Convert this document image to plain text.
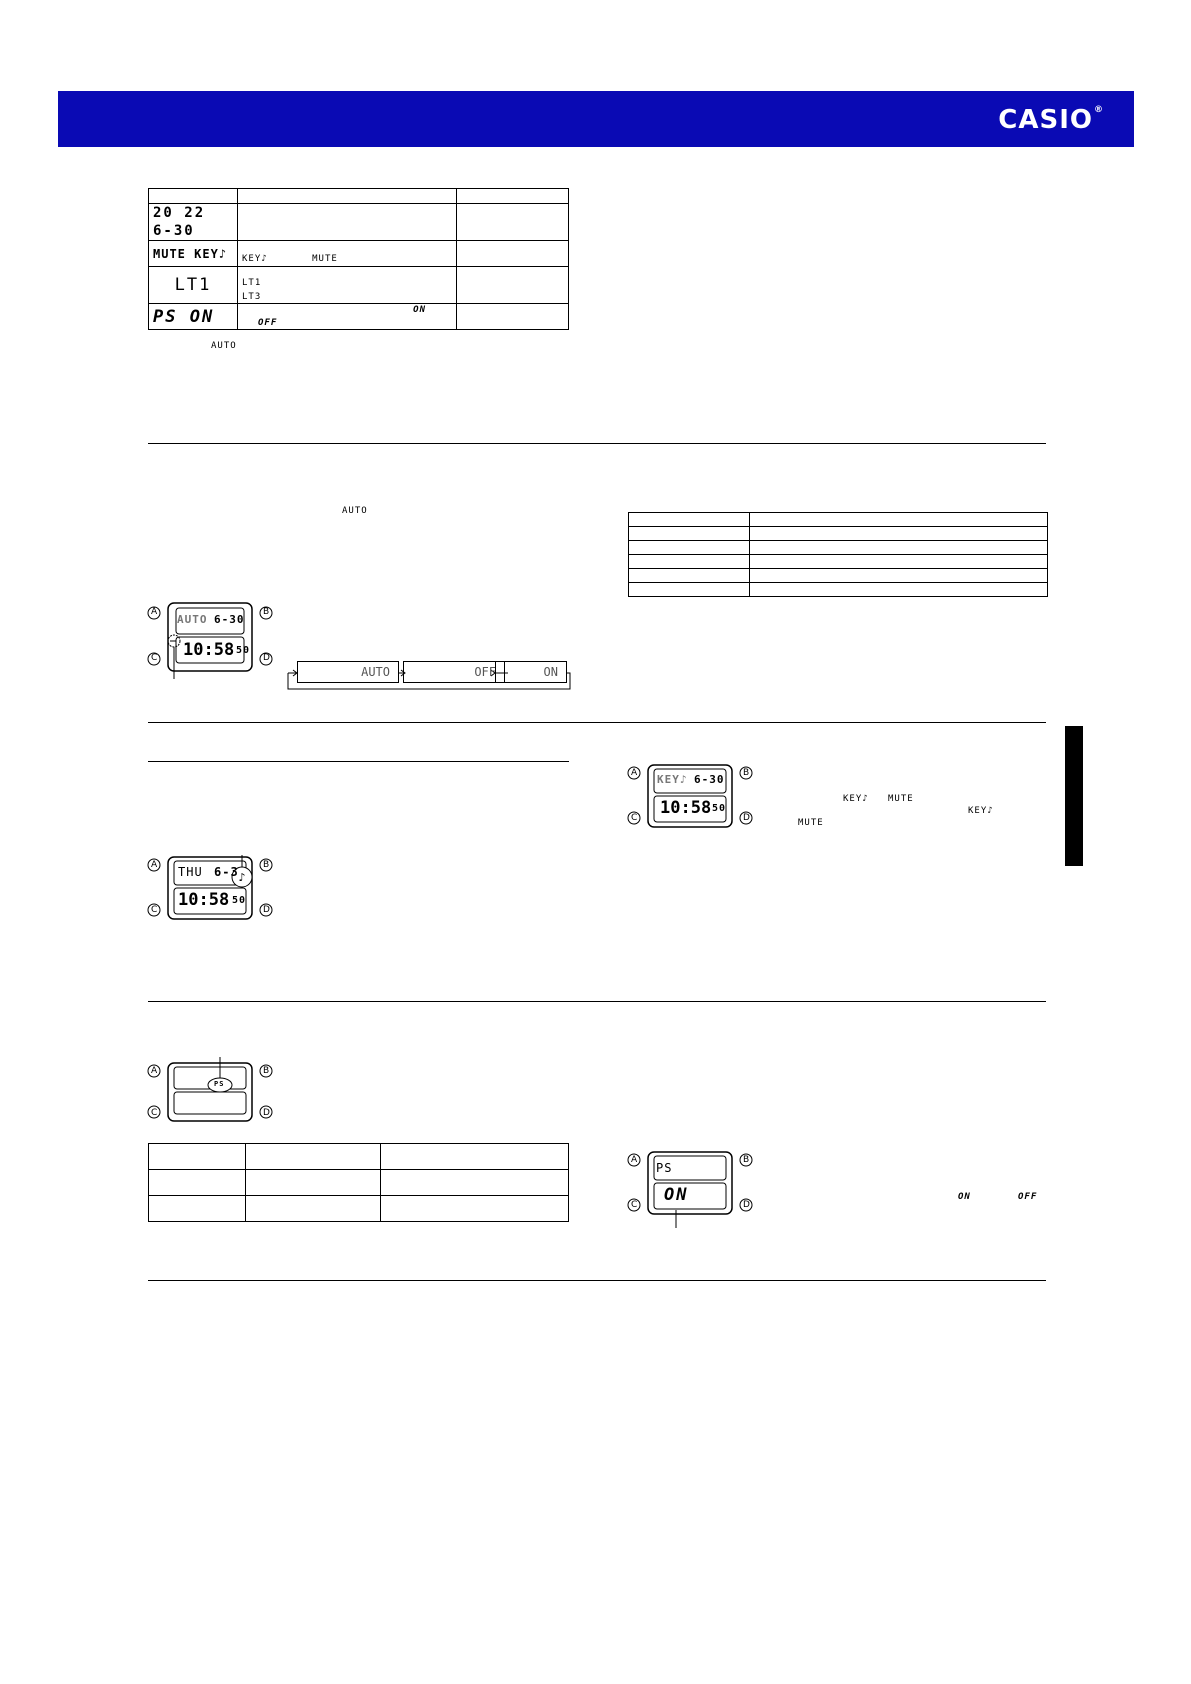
CASIO®

20 22 6-30		
MUTE KEY♪	KEY♪ MUTE	
LT1	LT1
LT3	
PS ON	ON
OFF	

AUTO
AUTO

A	B
C	D
AUTO 6-30
10:58 50
AUTO	OFF	ON
♪
A	B
C	D
THU 6-3
10:58 50
A	B
C	D
KEY♪ 6-30
10:58 50
KEY♪ MUTE
KEY♪
MUTE
A	B
C	D
PS

A	B
C	D
PS
ON	ON	OFF
